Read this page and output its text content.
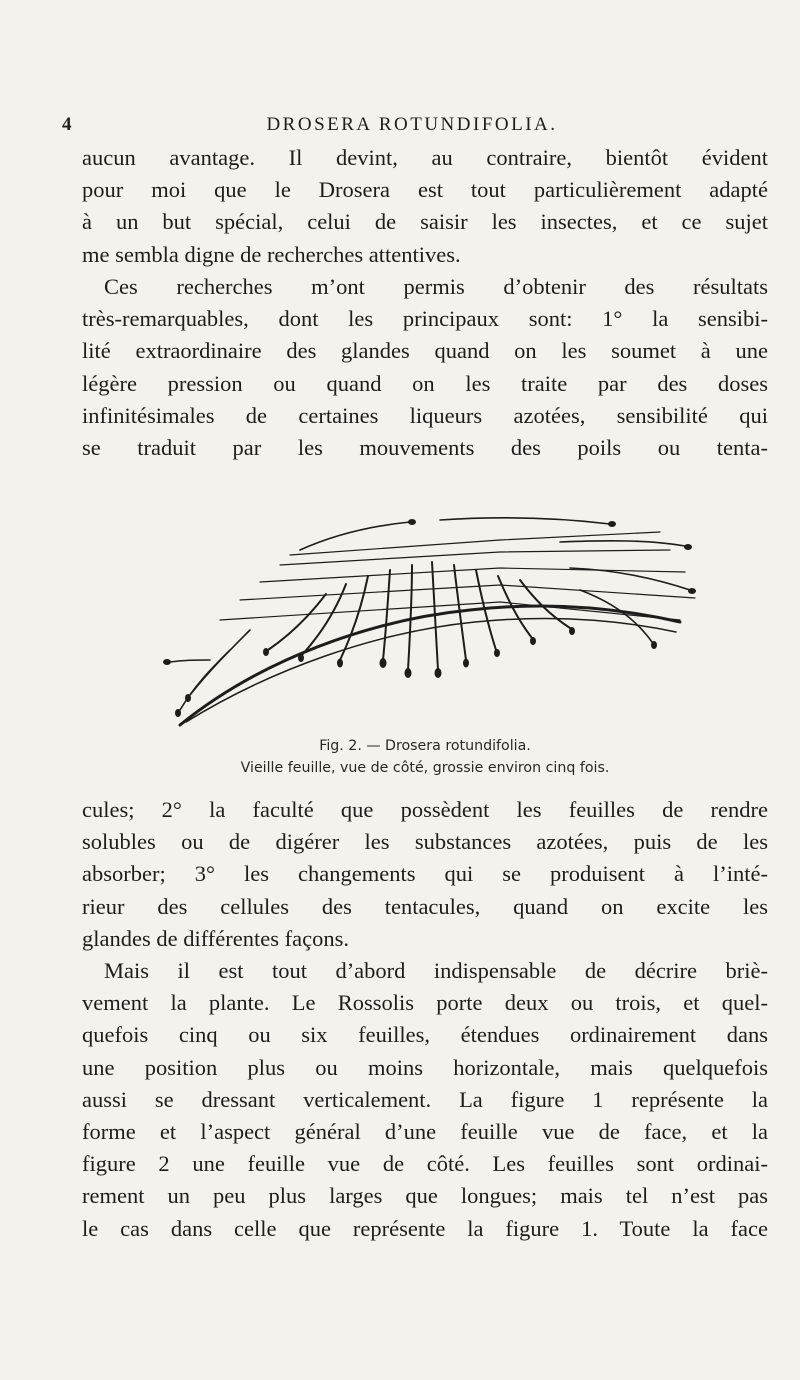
4	DROSERA ROTUNDIFOLIA.
aucun avantage. Il devint, au contraire, bientôt évident
pour moi que le Drosera est tout particulièrement adapté
à un but spécial, celui de saisir les insectes, et ce sujet
me sembla digne de recherches attentives.
Ces recherches m’ont permis d’obtenir des résultats
très-remarquables, dont les principaux sont: 1° la sensibi-
lité extraordinaire des glandes quand on les soumet à une
légère pression ou quand on les traite par des doses
infinitésimales de certaines liqueurs azotées, sensibilité qui
se traduit par les mouvements des poils ou tenta-
Fig. 2. — Drosera rotundifolia.
Vieille feuille, vue de côté, grossie environ cinq fois.
cules; 2° la faculté que possèdent les feuilles de rendre
solubles ou de digérer les substances azotées, puis de les
absorber; 3° les changements qui se produisent à l’inté-
rieur des cellules des tentacules, quand on excite les
glandes de différentes façons.
Mais il est tout d’abord indispensable de décrire briè-
vement la plante. Le Rossolis porte deux ou trois, et quel-
quefois cinq ou six feuilles, étendues ordinairement dans
une position plus ou moins horizontale, mais quelquefois
aussi se dressant verticalement. La figure 1 représente la
forme et l’aspect général d’une feuille vue de face, et la
figure 2 une feuille vue de côté. Les feuilles sont ordinai-
rement un peu plus larges que longues; mais tel n’est pas
le cas dans celle que représente la figure 1. Toute la face
